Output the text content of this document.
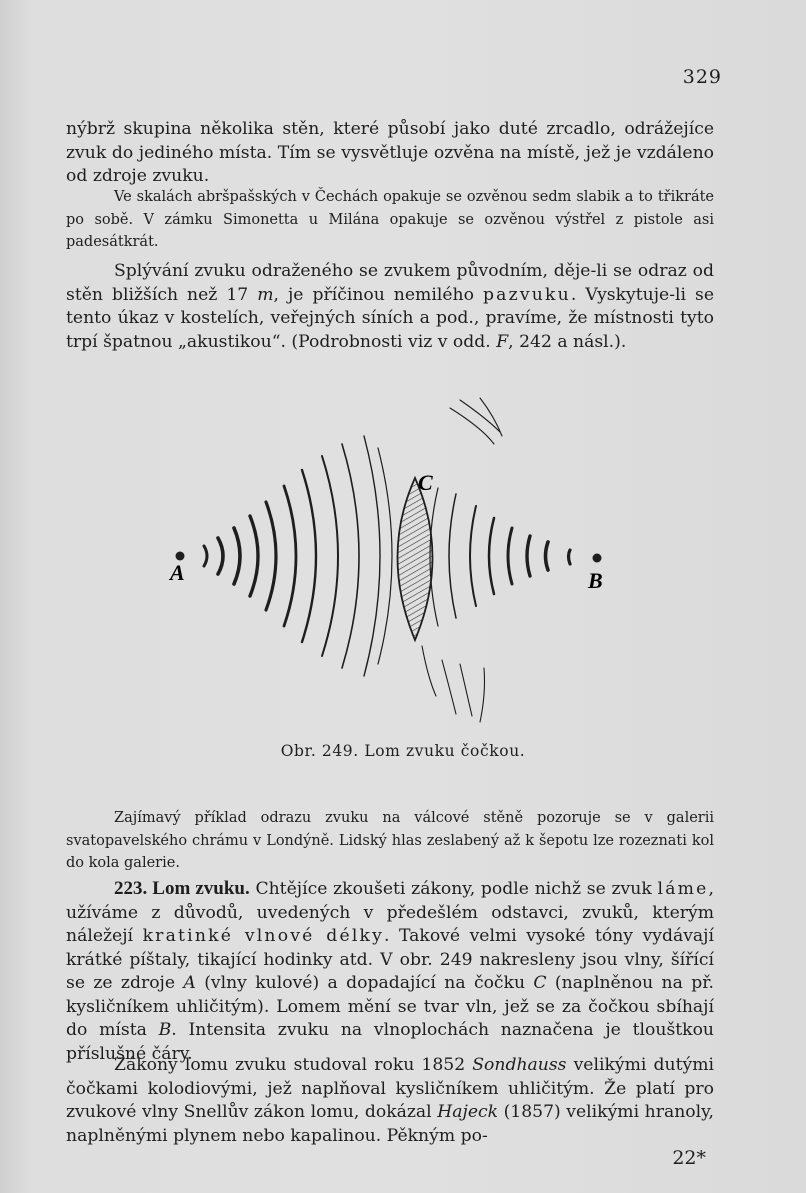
329

nýbrž skupina několika stěn, které působí jako duté zrcadlo, odrážejíce zvuk do jediného místa. Tím se vysvětluje ozvěna na místě, jež je vzdáleno od zdroje zvuku.

Ve skalách abršpašských v Čechách opakuje se ozvěnou sedm slabik a to třikráte po sobě. V zámku Simonetta u Milána opakuje se ozvěnou výstřel z pistole asi padesátkrát.

Splývání zvuku odraženého se zvukem původním, děje-li se odraz od stěn bližších než 17 m, je příčinou nemilého pazvuku. Vyskytuje-li se tento úkaz v kostelích, veřejných síních a pod., pravíme, že místnosti tyto trpí špatnou „akustikou“. (Podrobnosti viz v odd. F, 242 a násl.).

A	B
C
Obr. 249. Lom zvuku čočkou.

Zajímavý příklad odrazu zvuku na válcové stěně pozoruje se v galerii svatopavelského chrámu v Londýně. Lidský hlas zeslabený až k šepotu lze rozeznati kol do kola galerie.

223. Lom zvuku. Chtějíce zkoušeti zákony, podle nichž se zvuk láme, užíváme z důvodů, uvedených v předešlém odstavci, zvuků, kterým náležejí kratinké vlnové délky. Takové velmi vysoké tóny vydávají krátké píštaly, tikající hodinky atd. V obr. 249 nakresleny jsou vlny, šířící se ze zdroje A (vlny kulové) a dopadající na čočku C (naplněnou na př. kysličníkem uhličitým). Lomem mění se tvar vln, jež se za čočkou sbíhají do místa B. Intensita zvuku na vlnoplochách naznačena je tlouštkou příslušné čáry.

Zákony lomu zvuku studoval roku 1852 Sondhauss velikými dutými čočkami kolodiovými, jež naplňoval kysličníkem uhličitým. Že platí pro zvukové vlny Snellův zákon lomu, dokázal Hajeck (1857) velikými hranoly, naplněnými plynem nebo kapalinou. Pěkným po-

22*
